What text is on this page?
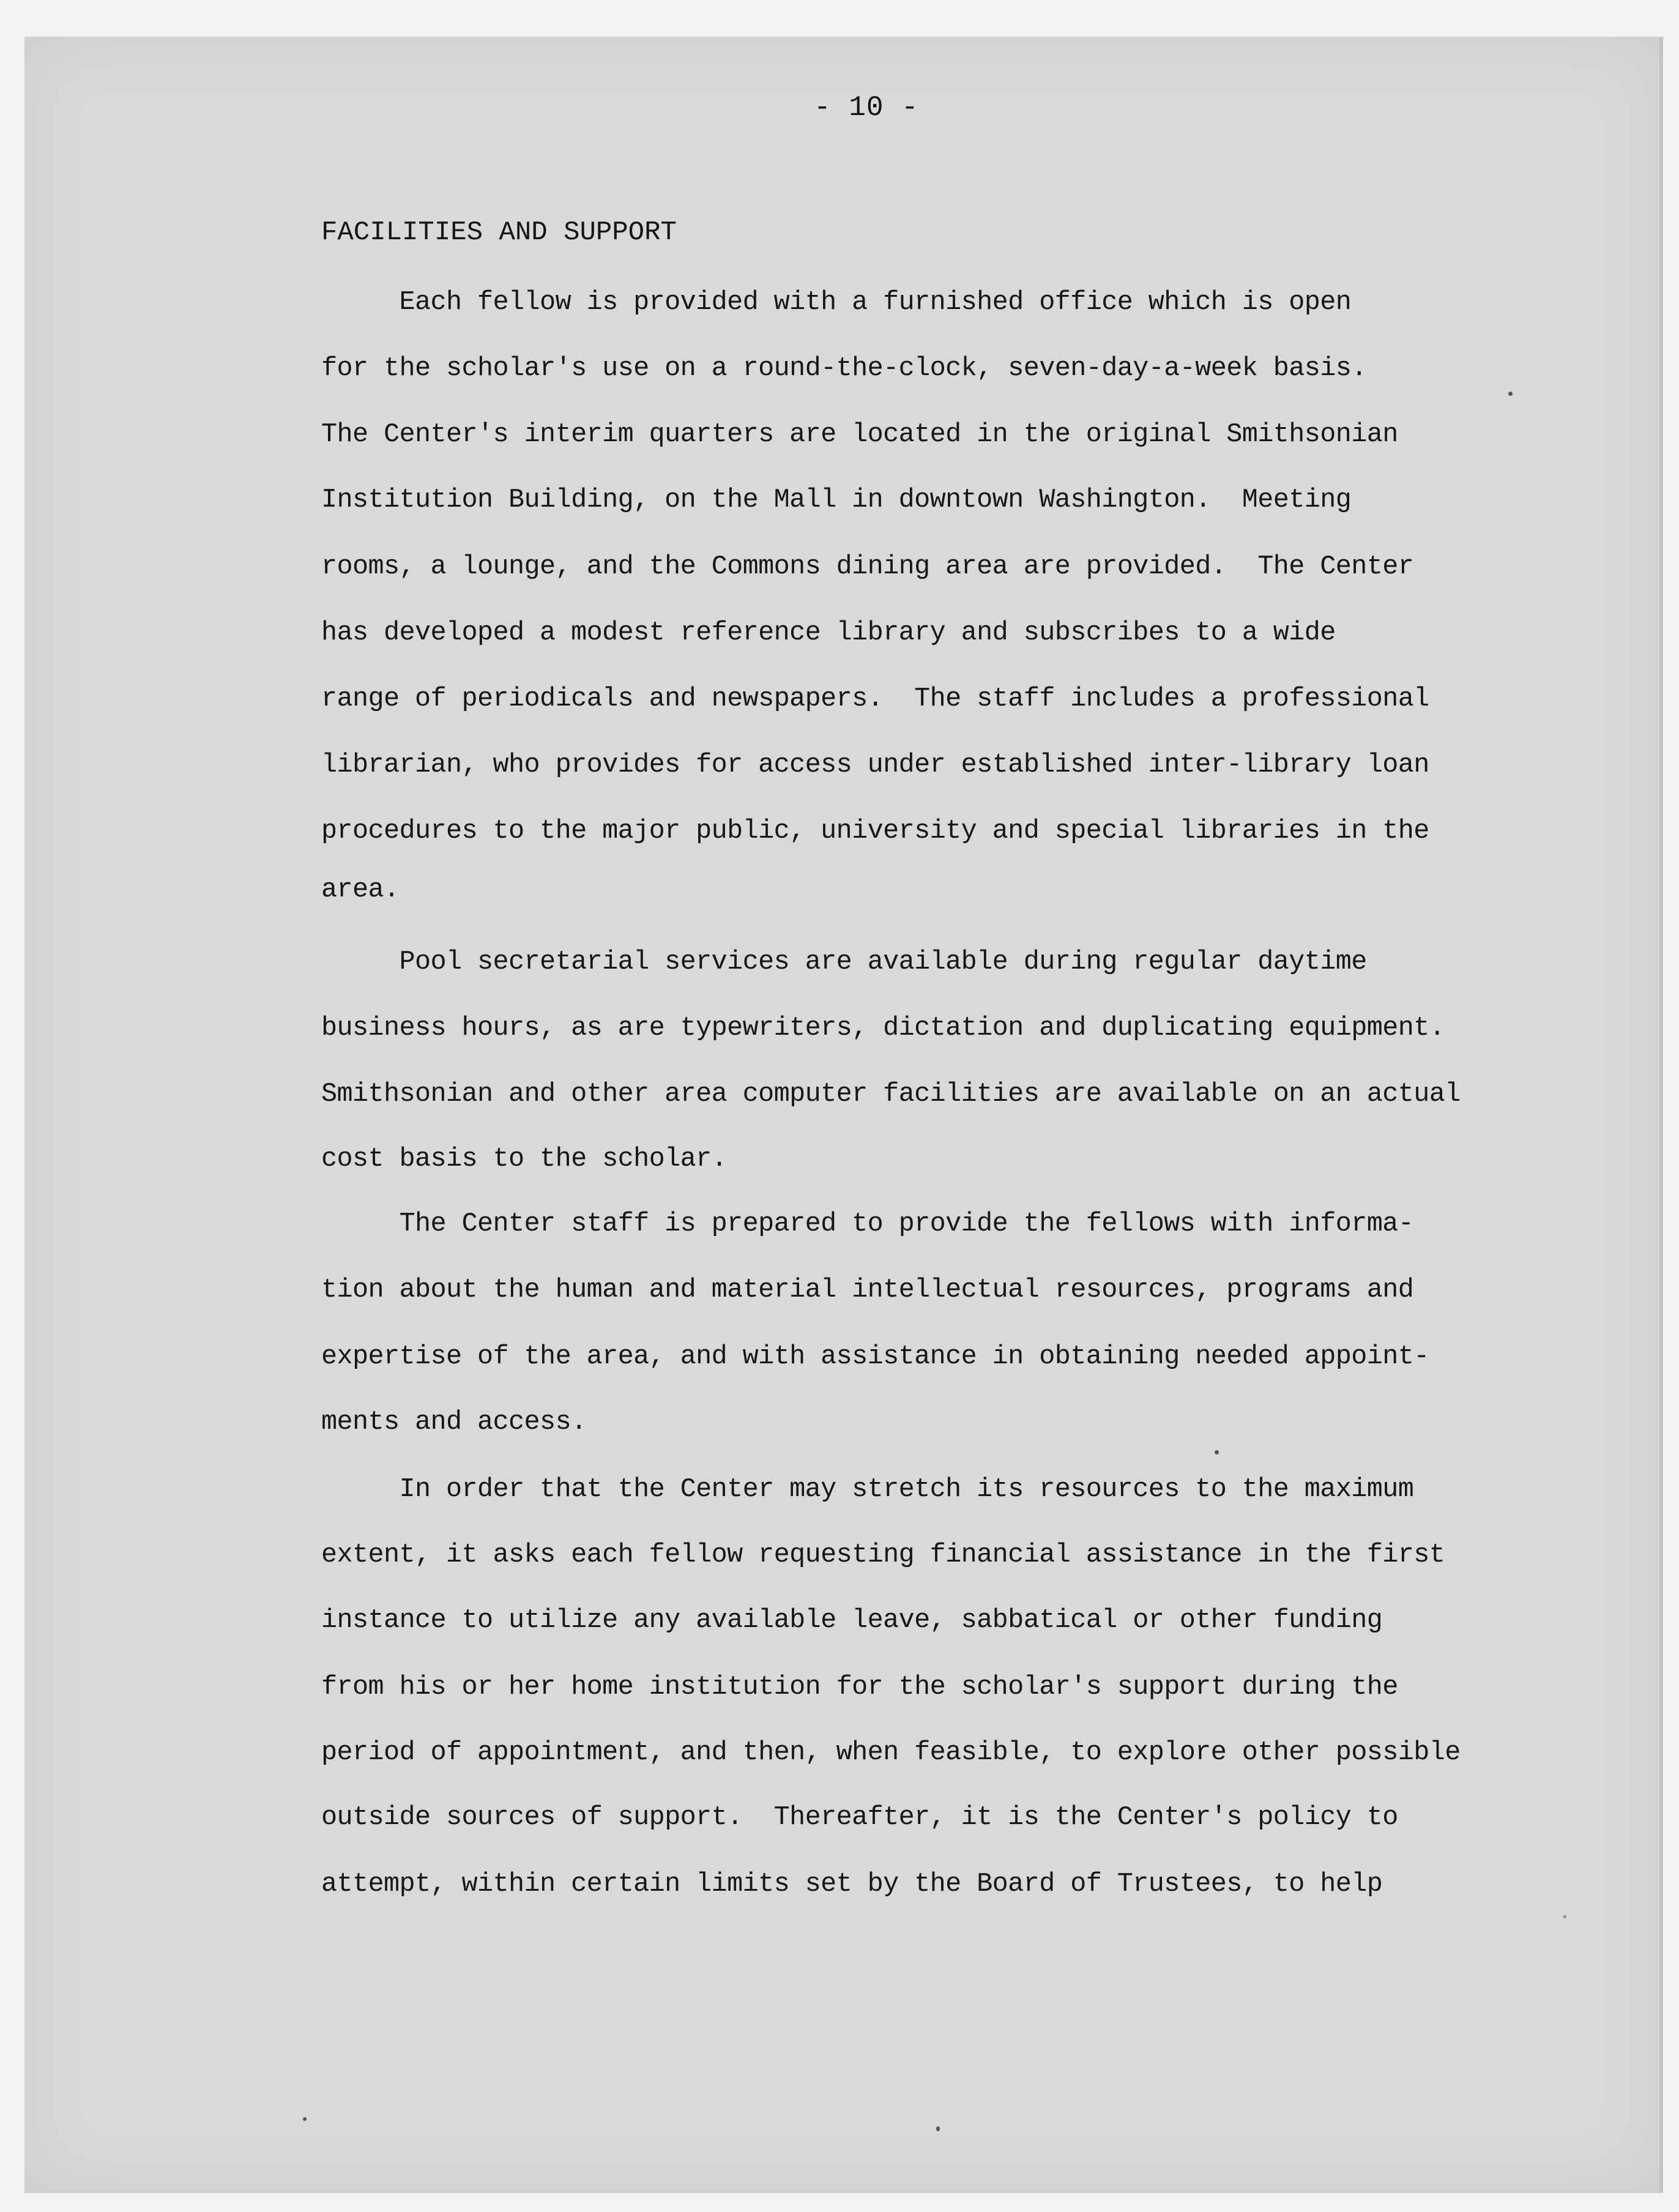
- 10 -
FACILITIES AND SUPPORT
Each fellow is provided with a furnished office which is open
for the scholar's use on a round-the-clock, seven-day-a-week basis.
The Center's interim quarters are located in the original Smithsonian
Institution Building, on the Mall in downtown Washington.  Meeting
rooms, a lounge, and the Commons dining area are provided.  The Center
has developed a modest reference library and subscribes to a wide
range of periodicals and newspapers.  The staff includes a professional
librarian, who provides for access under established inter-library loan
procedures to the major public, university and special libraries in the
area.
Pool secretarial services are available during regular daytime
business hours, as are typewriters, dictation and duplicating equipment.
Smithsonian and other area computer facilities are available on an actual
cost basis to the scholar.
The Center staff is prepared to provide the fellows with informa-
tion about the human and material intellectual resources, programs and
expertise of the area, and with assistance in obtaining needed appoint-
ments and access.
In order that the Center may stretch its resources to the maximum
extent, it asks each fellow requesting financial assistance in the first
instance to utilize any available leave, sabbatical or other funding
from his or her home institution for the scholar's support during the
period of appointment, and then, when feasible, to explore other possible
outside sources of support.  Thereafter, it is the Center's policy to
attempt, within certain limits set by the Board of Trustees, to help
